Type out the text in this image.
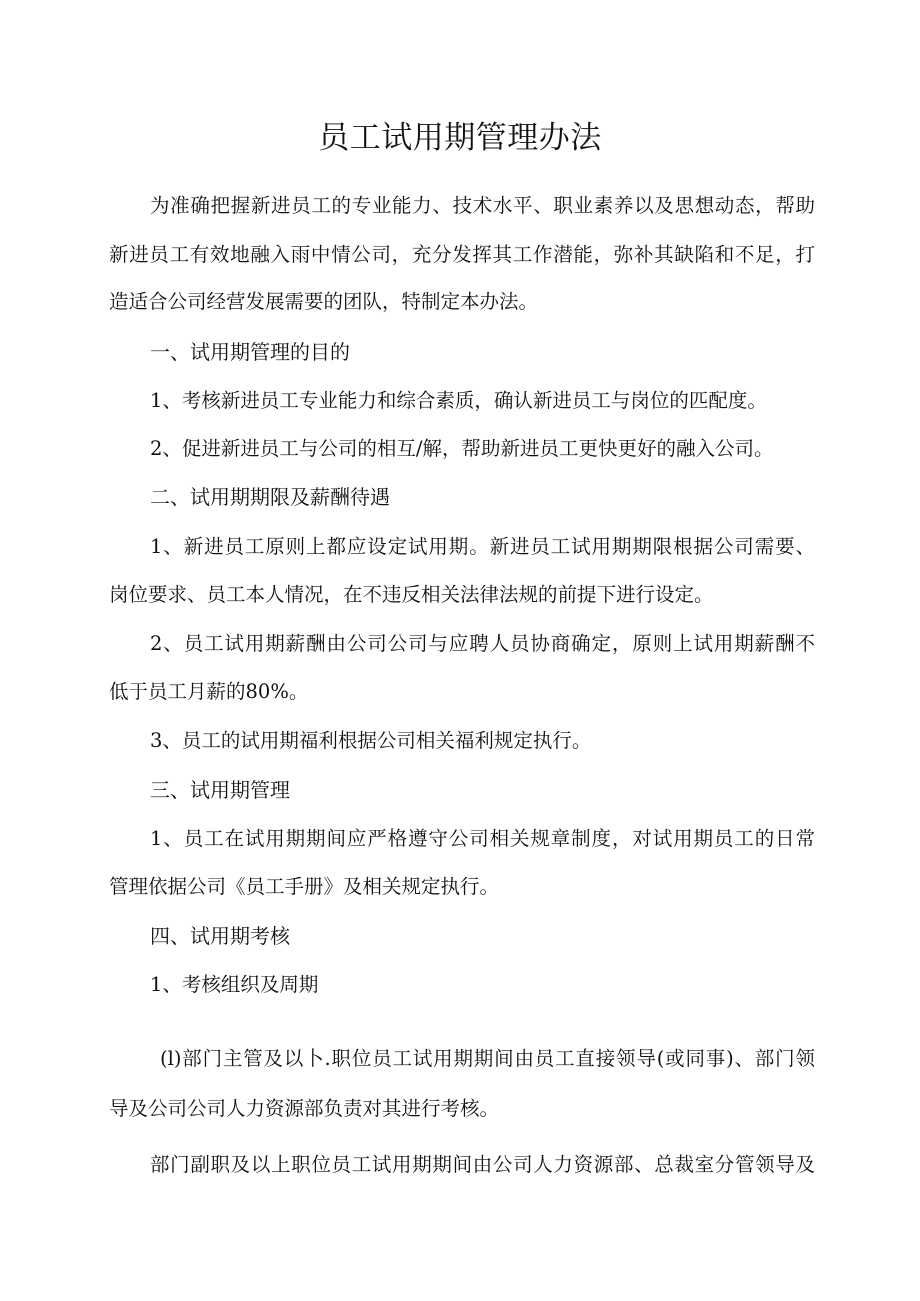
员工试用期管理办法

为准确把握新进员工的专业能力、技术水平、职业素养以及思想动态，帮助

新进员工有效地融入雨中情公司，充分发挥其工作潜能，弥补其缺陷和不足，打

造适合公司经营发展需要的团队，特制定本办法。

一、试用期管理的目的

1、考核新进员工专业能力和综合素质，确认新进员工与岗位的匹配度。

2、促进新进员工与公司的相互/解，帮助新进员工更快更好的融入公司。

二、试用期期限及薪酬待遇

1、新进员工原则上都应设定试用期。新进员工试用期期限根据公司需要、

岗位要求、员工本人情况，在不违反相关法律法规的前提下进行设定。

2、员工试用期薪酬由公司公司与应聘人员协商确定，原则上试用期薪酬不

低于员工月薪的80%。

3、员工的试用期福利根据公司相关福利规定执行。

三、试用期管理

1、员工在试用期期间应严格遵守公司相关规章制度，对试用期员工的日常

管理依据公司《员工手册》及相关规定执行。

四、试用期考核

1、考核组织及周期

(l)部门主管及以卜.职位员工试用期期间由员工直接领导(或同事)、部门领

导及公司公司人力资源部负责对其进行考核。

部门副职及以上职位员工试用期期间由公司人力资源部、总裁室分管领导及
